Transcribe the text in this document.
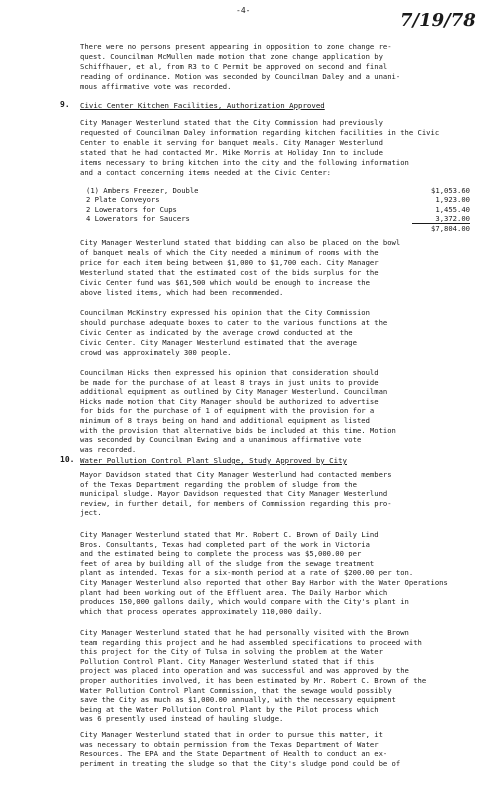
-4-	7/19/78
There were no persons present appearing in opposition to zone change re-
quest. Councilman McMullen made motion that zone change application by
Schiffhauer, et al, from R3 to C Permit be approved on second and final
reading of ordinance. Motion was seconded by Councilman Daley and a unani-
mous affirmative vote was recorded.
9. Civic Center Kitchen Facilities, Authorization Approved
City Manager Westerlund stated that the City Commission had previously
requested of Councilman Daley information regarding kitchen facilities in the Civic
Center to enable it serving for banquet meals. City Manager Westerlund
stated that he had contacted Mr. Mike Morris at Holiday Inn to include
items necessary to bring kitchen into the city and the following information
and a contact concerning items needed at the Civic Center:
(1) Ambers Freezer, Double	$1,053.60
2 Plate Conveyors	1,923.00
2 Lowerators for Cups	1,455.40
4 Lowerators for Saucers	3,372.00
$7,804.00
City Manager Westerlund stated that bidding can also be placed on the bowl
of banquet meals of which the City needed a minimum of rooms with the
price for each item being between $1,000 to $1,700 each. City Manager
Westerlund stated that the estimated cost of the bids surplus for the
Civic Center fund was $61,500 which would be enough to increase the
above listed items, which had been recommended.
Councilman McKinstry expressed his opinion that the City Commission
should purchase adequate boxes to cater to the various functions at the
Civic Center as indicated by the average crowd conducted at the
Civic Center. City Manager Westerlund estimated that the average
crowd was approximately 300 people.
Councilman Hicks then expressed his opinion that consideration should
be made for the purchase of at least 8 trays in just units to provide
additional equipment as outlined by City Manager Westerlund. Councilman
Hicks made motion that City Manager should be authorized to advertise
for bids for the purchase of 1 of equipment with the provision for a
minimum of 8 trays being on hand and additional equipment as listed
with the provision that alternative bids be included at this time. Motion
was seconded by Councilman Ewing and a unanimous affirmative vote
was recorded.
10. Water Pollution Control Plant Sludge, Study Approved by City
Mayor Davidson stated that City Manager Westerlund had contacted members
of the Texas Department regarding the problem of sludge from the
municipal sludge. Mayor Davidson requested that City Manager Westerlund
review, in further detail, for members of Commission regarding this pro-
ject.
City Manager Westerlund stated that Mr. Robert C. Brown of Daily Lind
Bros. Consultants, Texas had completed part of the work in Victoria
and the estimated being to complete the process was $5,000.00 per
feet of area by building all of the sludge from the sewage treatment
plant as intended. Texas for a six-month period at a rate of $200.00 per ton.
City Manager Westerlund also reported that other Bay Harbor with the Water Operations
plant had been working out of the Effluent area. The Daily Harbor which
produces 150,000 gallons daily, which would compare with the City's plant in
which that process operates approximately 110,000 daily.
City Manager Westerlund stated that he had personally visited with the Brown
team regarding this project and he had assembled specifications to proceed with
this project for the City of Tulsa in solving the problem at the Water
Pollution Control Plant. City Manager Westerlund stated that if this
project was placed into operation and was successful and was approved by the
proper authorities involved, it has been estimated by Mr. Robert C. Brown of the
Water Pollution Control Plant Commission, that the sewage would possibly
save the City as much as $1,000.00 annually, with the necessary equipment
being at the Water Pollution Control Plant by the Pilot process which
was 6 presently used instead of hauling sludge.
City Manager Westerlund stated that in order to pursue this matter, it
was necessary to obtain permission from the Texas Department of Water
Resources. The EPA and the State Department of Health to conduct an ex-
periment in treating the sludge so that the City's sludge pond could be of
